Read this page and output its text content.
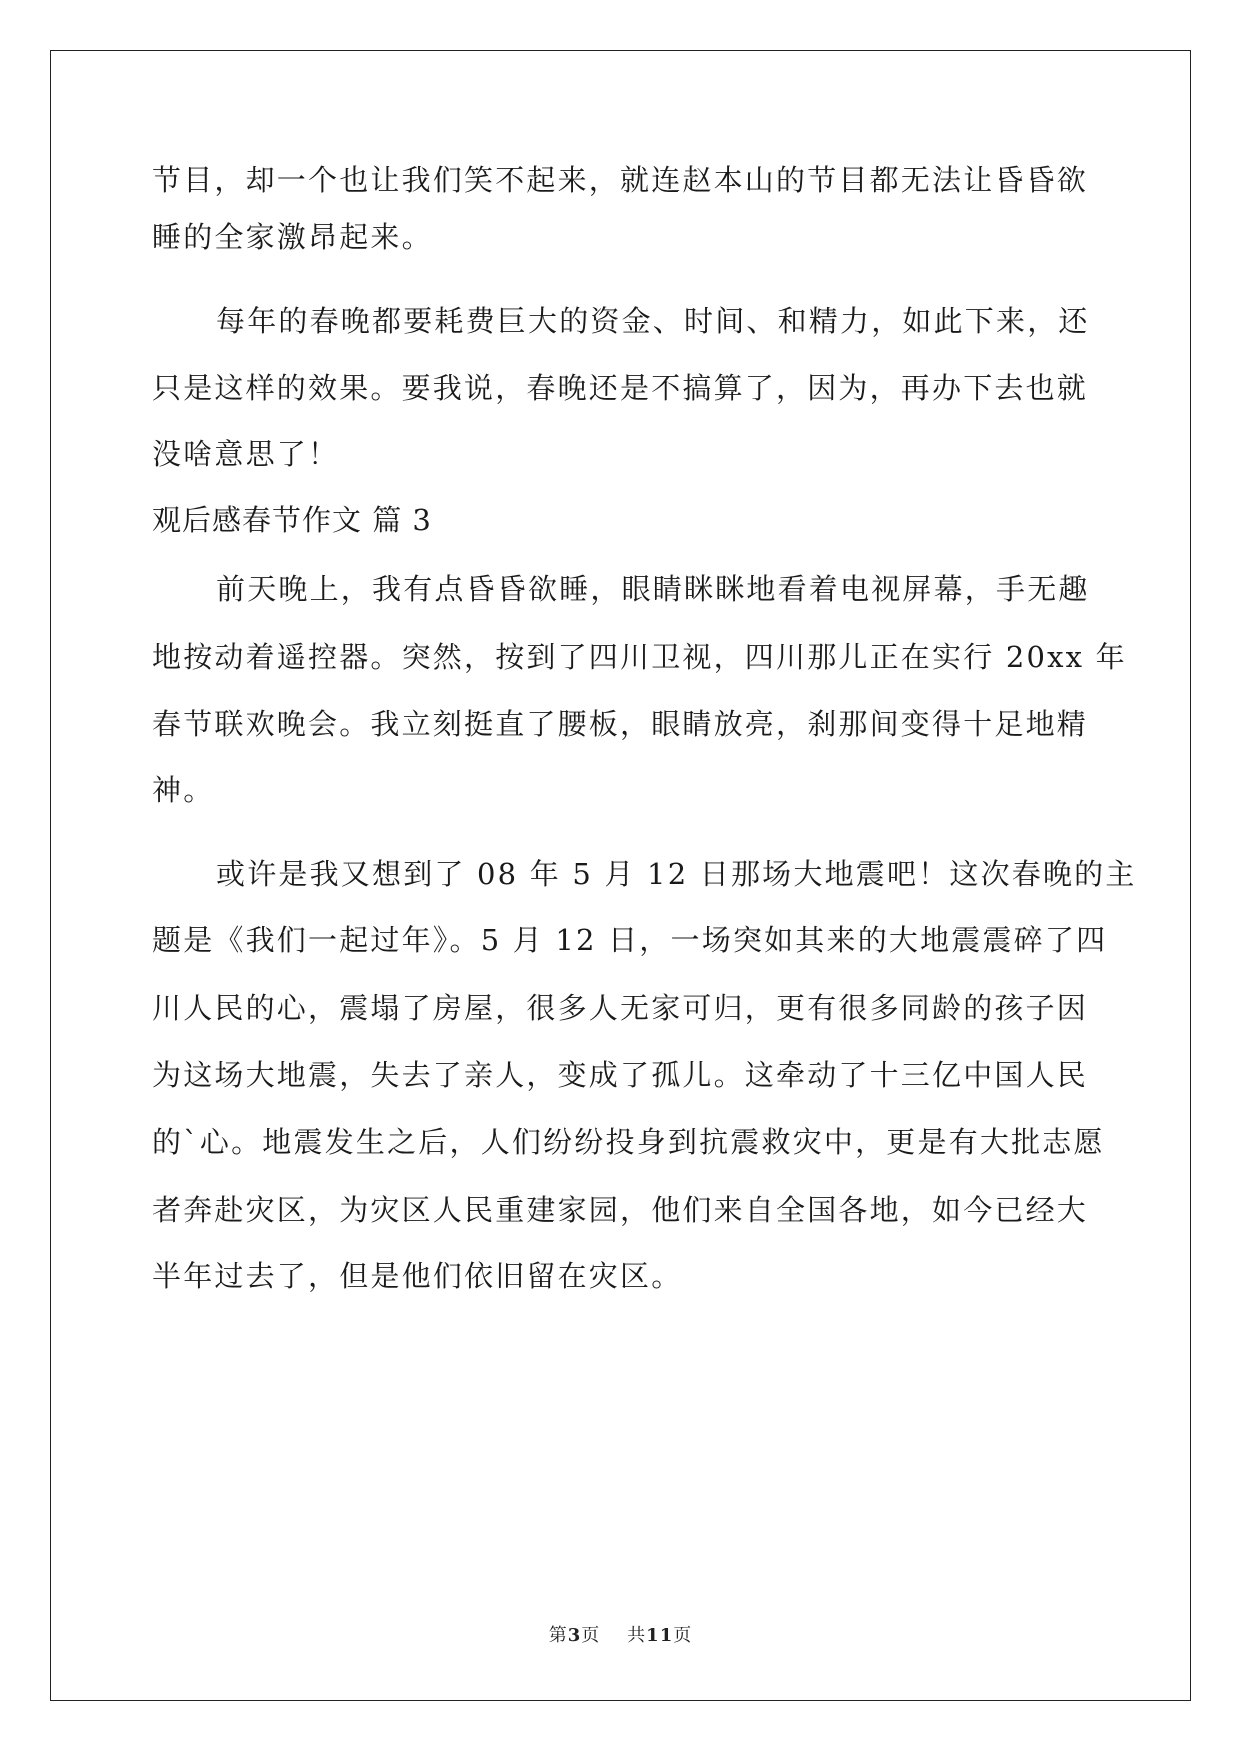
节目，却一个也让我们笑不起来，就连赵本山的节目都无法让昏昏欲

睡的全家激昂起来。

每年的春晚都要耗费巨大的资金、时间、和精力，如此下来，还

只是这样的效果。要我说，春晚还是不搞算了，因为，再办下去也就

没啥意思了！

观后感春节作文 篇 3

前天晚上，我有点昏昏欲睡，眼睛眯眯地看着电视屏幕，手无趣

地按动着遥控器。突然，按到了四川卫视，四川那儿正在实行 20xx 年

春节联欢晚会。我立刻挺直了腰板，眼睛放亮，刹那间变得十足地精

神。

或许是我又想到了 08 年 5 月 12 日那场大地震吧！这次春晚的主

题是《我们一起过年》。5 月 12 日，一场突如其来的大地震震碎了四

川人民的心，震塌了房屋，很多人无家可归，更有很多同龄的孩子因

为这场大地震，失去了亲人，变成了孤儿。这牵动了十三亿中国人民

的`心。地震发生之后，人们纷纷投身到抗震救灾中，更是有大批志愿

者奔赴灾区，为灾区人民重建家园，他们来自全国各地，如今已经大

半年过去了，但是他们依旧留在灾区。

第3页    共11页
